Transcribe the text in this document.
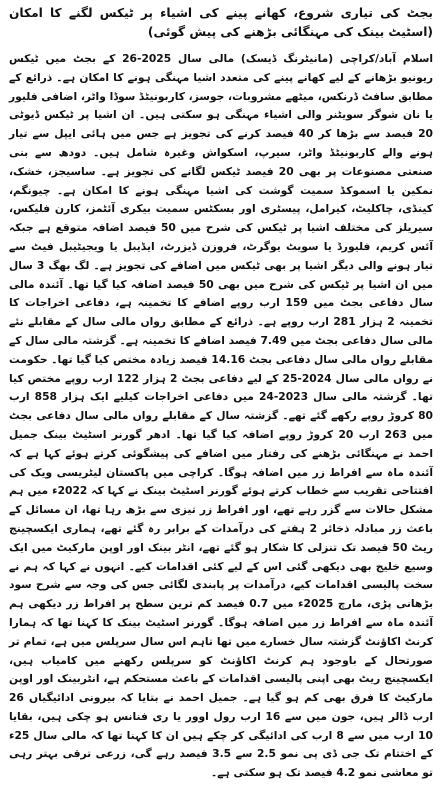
بجٹ کی تیاری شروع، کھانے پینے کی اشیاء پر ٹیکس لگنے کا امکان (اسٹیٹ بینک کی مہنگائی بڑھنے کی پیش گوئی)

اسلام آباد/کراچی (مانیٹرنگ ڈیسک) مالی سال 2025-26 کے بجٹ میں ٹیکس ریونیو بڑھانے کے لیے کھانے پینے کی متعدد اشیا مہنگی ہونے کا امکان ہے۔ ذرائع کے مطابق سافٹ ڈرنکس، میٹھے مشروبات، جوسز، کاربونیٹڈ سوڈا واٹر، اضافی فلیور یا نان شوگر سویٹنر والی اشیاء مہنگی ہو سکتی ہیں۔ ان اشیا پر ٹیکس ڈیوٹی 20 فیصد سے بڑھا کر 40 فیصد کرنے کی تجویز ہے جس میں ہائی ایپل سے تیار ہونے والے کاربونیٹڈ واٹر، سیرپ، اسکواش وغیرہ شامل ہیں۔ دودھ سے بنی صنعتی مصنوعات پر بھی 20 فیصد ٹیکس لگانے کی تجویز ہے۔ ساسیجز، خشک، نمکین یا اسموکڈ سمیت گوشت کی اشیا مہنگی ہونے کا امکان ہے۔ چیونگم، کینڈی، چاکلیٹ، کیرامل، پیسٹری اور بسکٹس سمیت بیکری آئٹمز، کارن فلیکس، سیریلز کی مختلف اشیا پر ٹیکس کی شرح میں 50 فیصد اضافہ متوقع ہے جبکہ آئس کریم، فلیورڈ یا سویٹ یوگرٹ، فروزن ڈیزرٹ، ایڈیبل یا ویجیٹیبل فیٹ سے تیار ہونے والی دیگر اشیا پر بھی ٹیکس میں اضافے کی تجویز ہے۔ لگ بھگ 3 سال میں ان اشیا پر ٹیکس کی شرح میں بھی 50 فیصد اضافہ کیا گیا تھا۔ آئندہ مالی سال دفاعی بجٹ میں 159 ارب روپے اضافے کا تخمینہ ہے، دفاعی اخراجات کا تخمینہ 2 ہزار 281 ارب روپے ہے۔ ذرائع کے مطابق رواں مالی سال کے مقابلے نئے مالی سال دفاعی بجٹ میں 7.49 فیصد اضافے کا تخمینہ ہے۔ گزشتہ مالی سال کے مقابلے رواں مالی سال دفاعی بجٹ 14.16 فیصد زیادہ مختص کیا گیا تھا۔ حکومت نے رواں مالی سال 2024-25 کے لیے دفاعی بجٹ 2 ہزار 122 ارب روپے مختص کیا تھا۔ گزشتہ مالی سال 2023-24 میں دفاعی اخراجات کیلیے ایک ہزار 858 ارب 80 کروڑ روپے رکھے گئے تھے۔ گزشتہ سال کے مقابلے رواں مالی سال دفاعی بجٹ میں 263 ارب 20 کروڑ روپے اضافہ کیا گیا تھا۔ ادھر گورنر اسٹیٹ بینک جمیل احمد نے مہنگائی بڑھنے کی رفتار میں اضافے کی پیشگوئی کرتے ہوئے کہا ہے کہ آئندہ ماہ سے افراط زر میں اضافہ ہوگا۔ کراچی میں پاکستان لیٹریسی ویک کی افتتاحی تقریب سے خطاب کرتے ہوئے گورنر اسٹیٹ بینک نے کہا کہ 2022ء میں ہم مشکل حالات سے گزر رہے تھے، اور افراط زر تیزی سے بڑھ رہا تھا، ان مسائل کے باعث زر مبادلہ ذخائر 2 ہفتے کی درآمدات کے برابر رہ گئے تھے، ہماری ایکسچینج ریٹ 50 فیصد تک تنزلی کا شکار ہو گئے تھے، انٹر بینک اور اوپن مارکیٹ میں ایک وسیع خلیج بھی دیکھی گئی اس کے لیے کئی اقدامات کیے۔ انہوں نے کہا کہ ہم نے سخت پالیسی اقدامات کیے، درآمدات پر پابندی لگائی جس کی وجہ سے شرح سود بڑھانی پڑی، مارچ 2025ء میں 0.7 فیصد کم ترین سطح پر افراط زر دیکھی ہم آئندہ ماہ سے افراط زر میں اضافہ ہوگا۔ گورنر اسٹیٹ بینک کا کہنا تھا کہ ہمارا کرنٹ اکاؤنٹ گزشتہ سال خسارے میں تھا تاہم اس سال سرپلس میں ہے، تمام تر صورتحال کے باوجود ہم کرنٹ اکاؤنٹ کو سرپلس رکھنے میں کامیاب ہیں، ایکسچینج ریٹ بھی اپنی پالیسی اقدامات کے باعث مستحکم ہے، انٹربینک اور اوپن مارکیٹ کا فرق بھی کم ہو گیا ہے۔ جمیل احمد نے بتایا کہ بیرونی ادائیگیاں 26 ارب ڈالر ہیں، جون میں سے 16 ارب رول اوور یا ری فنانس ہو چکی ہیں، بقایا 10 ارب میں سے 8 ارب کی ادائیگی کر چکے ہیں ان کا کہنا تھا کہ مالی سال 25ء کے اختتام تک جی ڈی پی نمو 2.5 سے 3.5 فیصد رہے گی، زرعی ترقی بہتر رہی تو معاشی نمو 4.2 فیصد تک ہو سکتی ہے۔
